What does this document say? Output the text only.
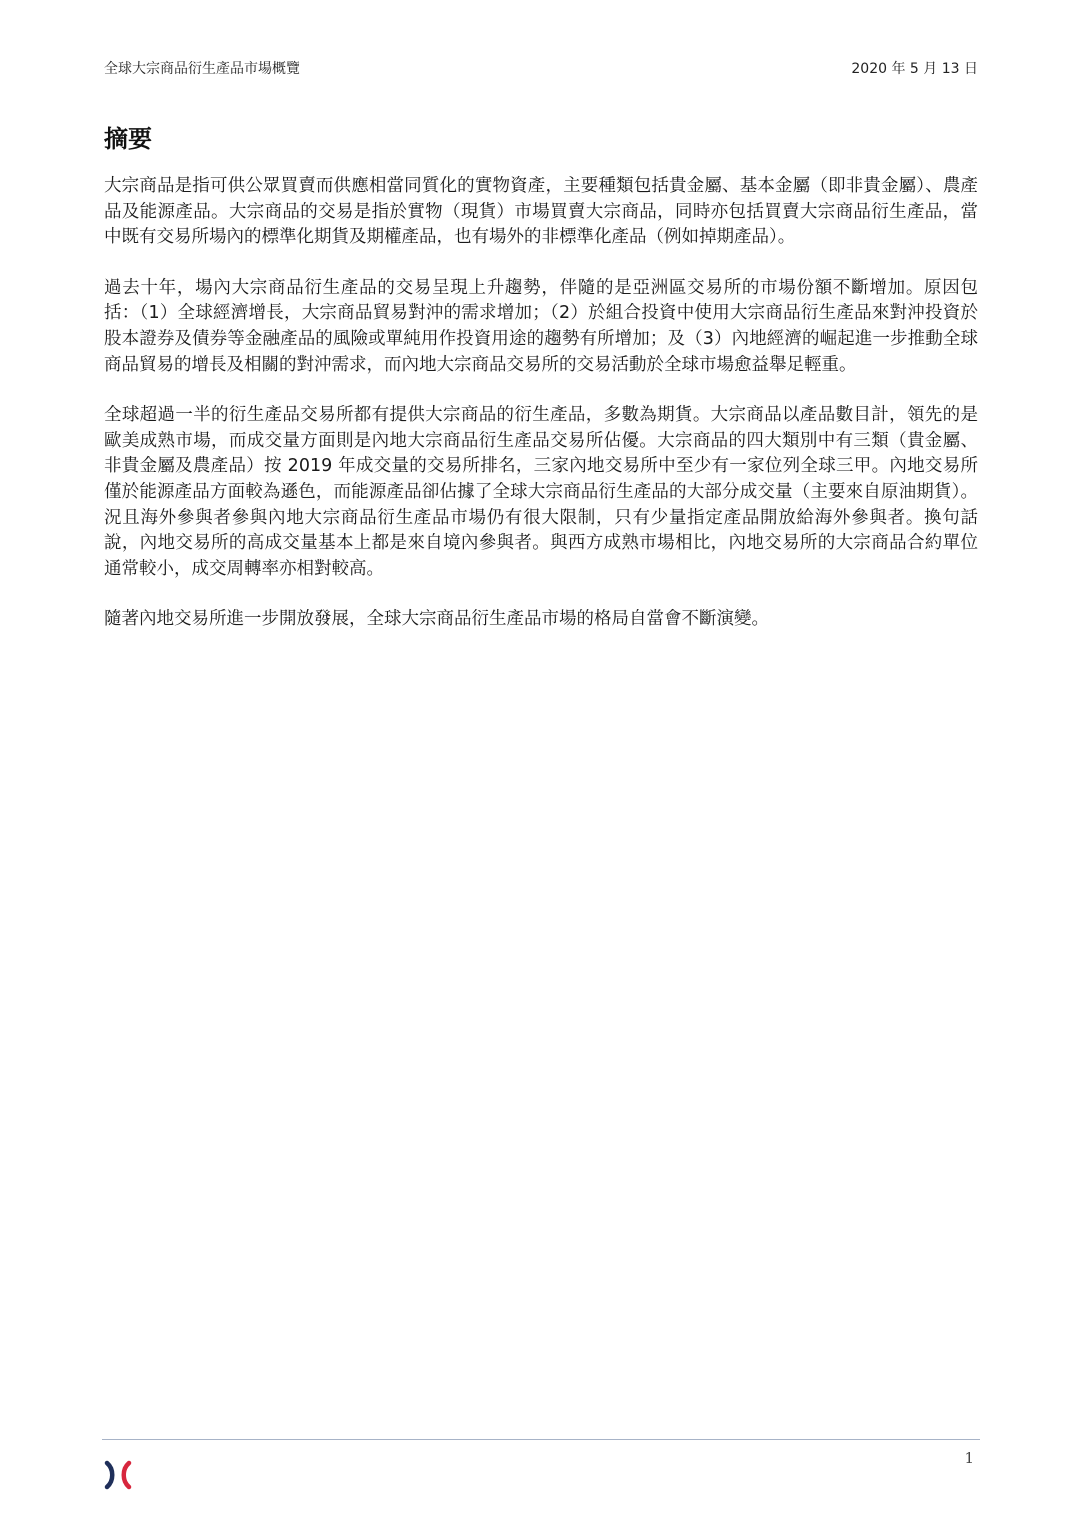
全球大宗商品衍生產品市場概覽	2020 年 5 月 13 日
摘要

大宗商品是指可供公眾買賣而供應相當同質化的實物資產，主要種類包括貴金屬、基本金屬（即非貴金屬）、農產品及能源產品。大宗商品的交易是指於實物（現貨）市場買賣大宗商品，同時亦包括買賣大宗商品衍生產品，當中既有交易所場內的標準化期貨及期權產品，也有場外的非標準化產品（例如掉期產品）。

過去十年，場內大宗商品衍生產品的交易呈現上升趨勢，伴隨的是亞洲區交易所的市場份額不斷增加。原因包括：（1）全球經濟增長，大宗商品貿易對沖的需求增加；（2）於組合投資中使用大宗商品衍生產品來對沖投資於股本證券及債券等金融產品的風險或單純用作投資用途的趨勢有所增加；及（3）內地經濟的崛起進一步推動全球商品貿易的增長及相關的對沖需求，而內地大宗商品交易所的交易活動於全球市場愈益舉足輕重。

全球超過一半的衍生產品交易所都有提供大宗商品的衍生產品，多數為期貨。大宗商品以產品數目計，領先的是歐美成熟市場，而成交量方面則是內地大宗商品衍生產品交易所佔優。大宗商品的四大類別中有三類（貴金屬、非貴金屬及農產品）按 2019 年成交量的交易所排名，三家內地交易所中至少有一家位列全球三甲。內地交易所僅於能源產品方面較為遜色，而能源產品卻佔據了全球大宗商品衍生產品的大部分成交量（主要來自原油期貨）。況且海外參與者參與內地大宗商品衍生產品市場仍有很大限制，只有少量指定產品開放給海外參與者。換句話說，內地交易所的高成交量基本上都是來自境內參與者。與西方成熟市場相比，內地交易所的大宗商品合約單位通常較小，成交周轉率亦相對較高。

隨著內地交易所進一步開放發展，全球大宗商品衍生產品市場的格局自當會不斷演變。

1
